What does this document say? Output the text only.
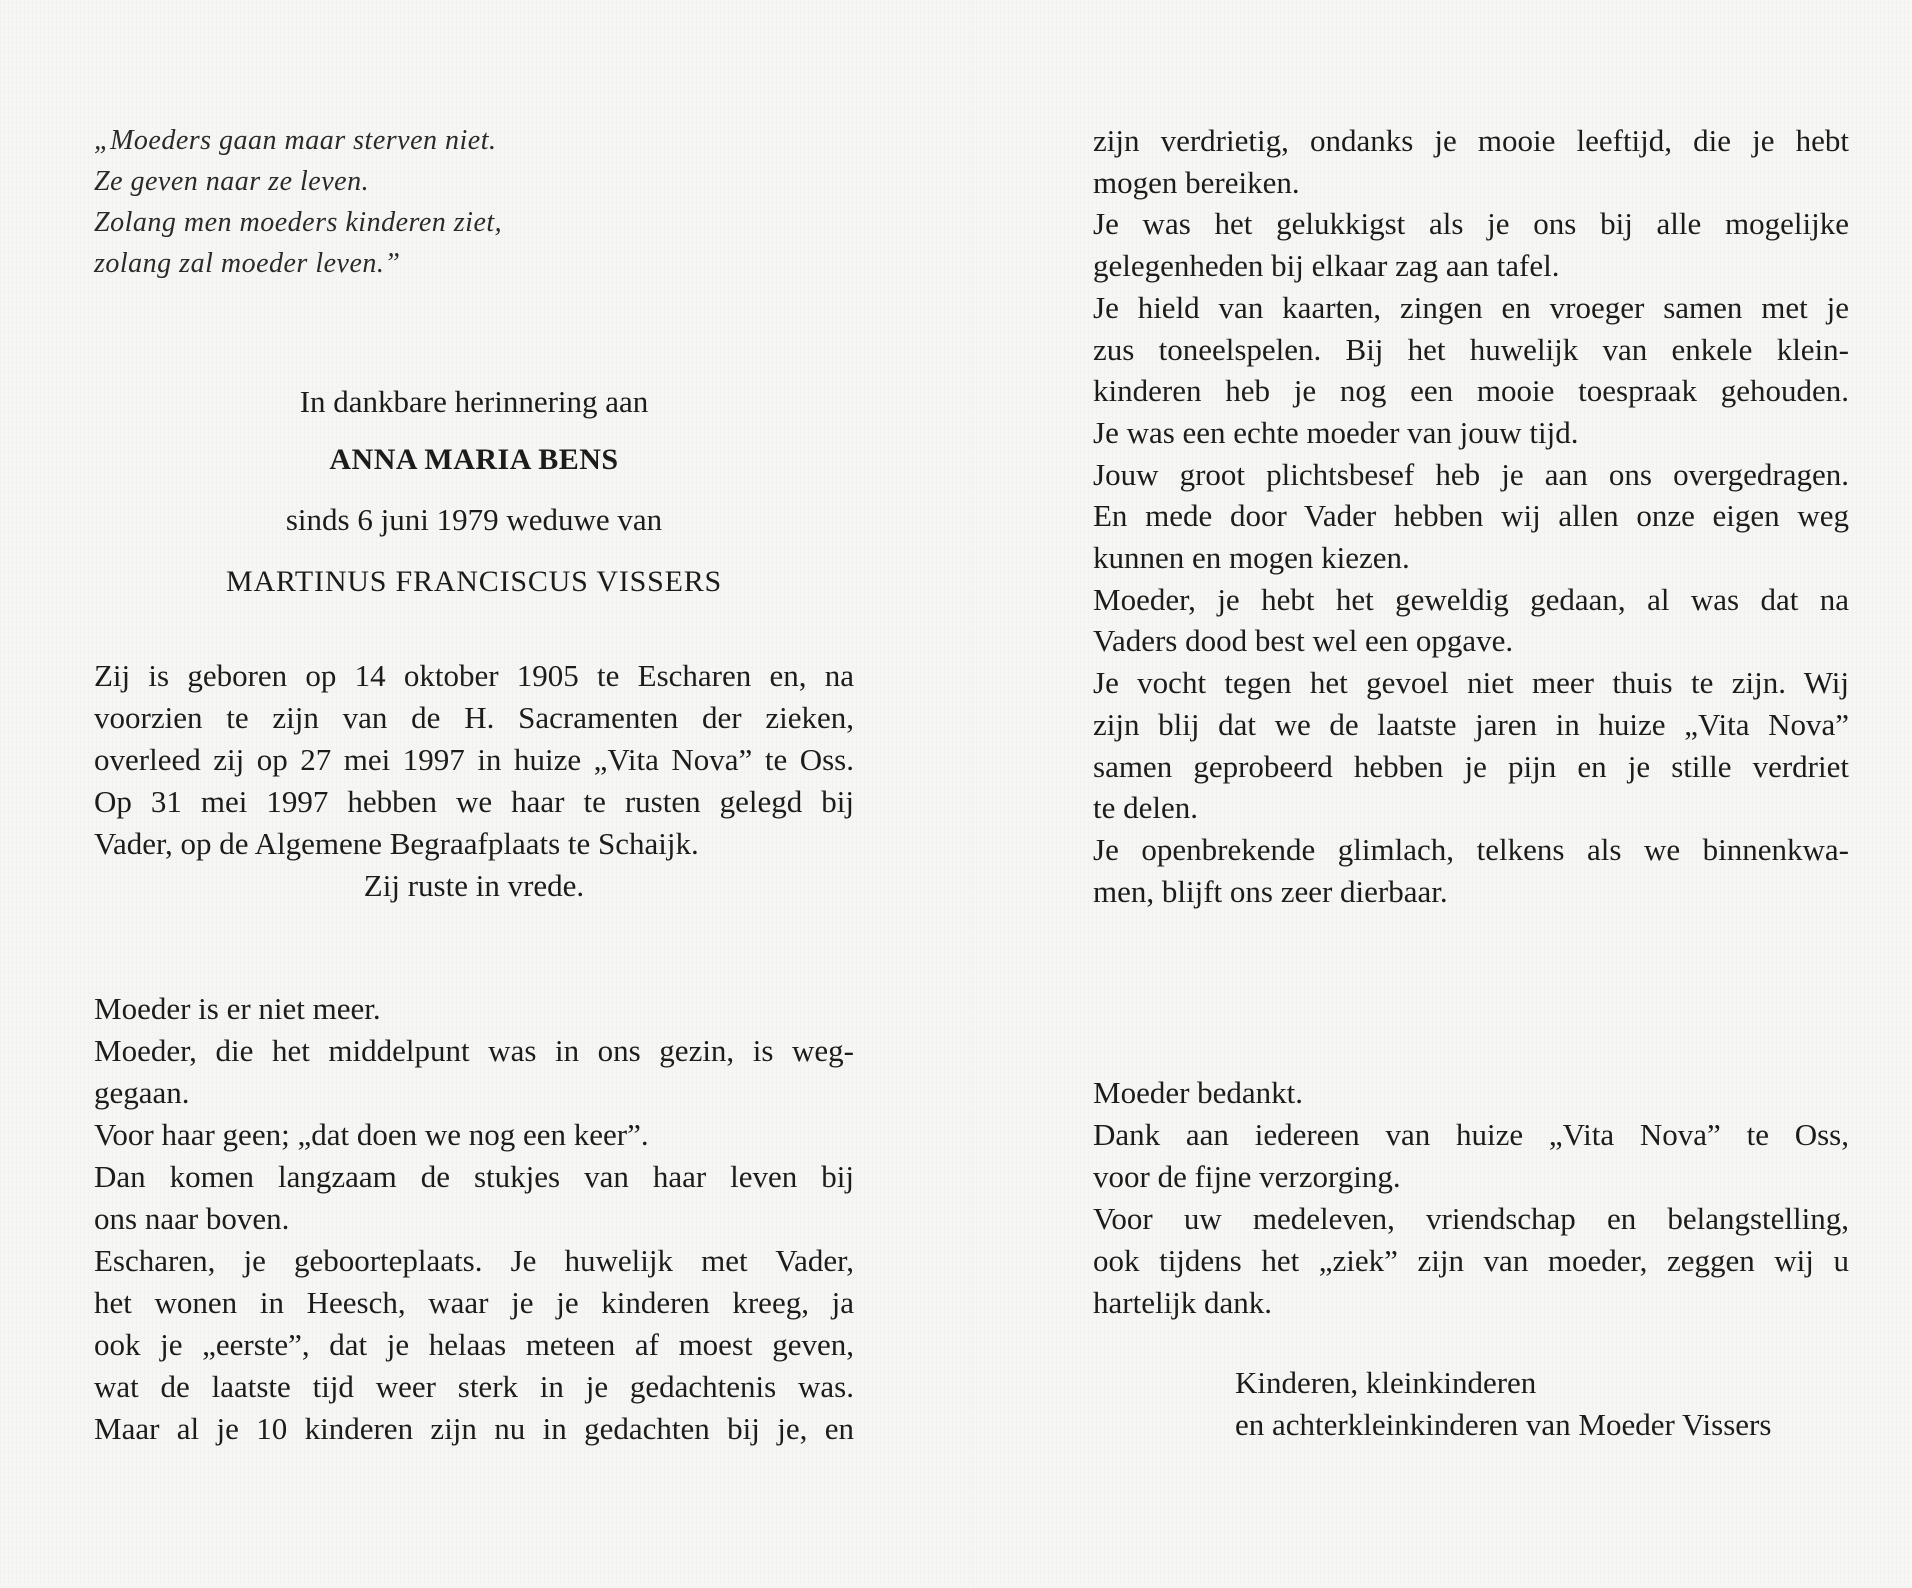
„Moeders gaan maar sterven niet.
Ze geven naar ze leven.
Zolang men moeders kinderen ziet,
zolang zal moeder leven.”
In dankbare herinnering aan
ANNA MARIA BENS
sinds 6 juni 1979 weduwe van
MARTINUS FRANCISCUS VISSERS
Zij is geboren op 14 oktober 1905 te Escharen en, na
voorzien te zijn van de H. Sacramenten der zieken,
overleed zij op 27 mei 1997 in huize „Vita Nova” te Oss.
Op 31 mei 1997 hebben we haar te rusten gelegd bij
Vader, op de Algemene Begraafplaats te Schaijk.
Zij ruste in vrede.
Moeder is er niet meer.
Moeder, die het middelpunt was in ons gezin, is weg-
gegaan.
Voor haar geen; „dat doen we nog een keer”.
Dan komen langzaam de stukjes van haar leven bij
ons naar boven.
Escharen, je geboorteplaats. Je huwelijk met Vader,
het wonen in Heesch, waar je je kinderen kreeg, ja
ook je „eerste”, dat je helaas meteen af moest geven,
wat de laatste tijd weer sterk in je gedachtenis was.
Maar al je 10 kinderen zijn nu in gedachten bij je, en
zijn verdrietig, ondanks je mooie leeftijd, die je hebt
mogen bereiken.
Je was het gelukkigst als je ons bij alle mogelijke
gelegenheden bij elkaar zag aan tafel.
Je hield van kaarten, zingen en vroeger samen met je
zus toneelspelen. Bij het huwelijk van enkele klein-
kinderen heb je nog een mooie toespraak gehouden.
Je was een echte moeder van jouw tijd.
Jouw groot plichtsbesef heb je aan ons overgedragen.
En mede door Vader hebben wij allen onze eigen weg
kunnen en mogen kiezen.
Moeder, je hebt het geweldig gedaan, al was dat na
Vaders dood best wel een opgave.
Je vocht tegen het gevoel niet meer thuis te zijn. Wij
zijn blij dat we de laatste jaren in huize „Vita Nova”
samen geprobeerd hebben je pijn en je stille verdriet
te delen.
Je openbrekende glimlach, telkens als we binnenkwa-
men, blijft ons zeer dierbaar.
Moeder bedankt.
Dank aan iedereen van huize „Vita Nova” te Oss,
voor de fijne verzorging.
Voor uw medeleven, vriendschap en belangstelling,
ook tijdens het „ziek” zijn van moeder, zeggen wij u
hartelijk dank.
Kinderen, kleinkinderen
en achterkleinkinderen van Moeder Vissers
